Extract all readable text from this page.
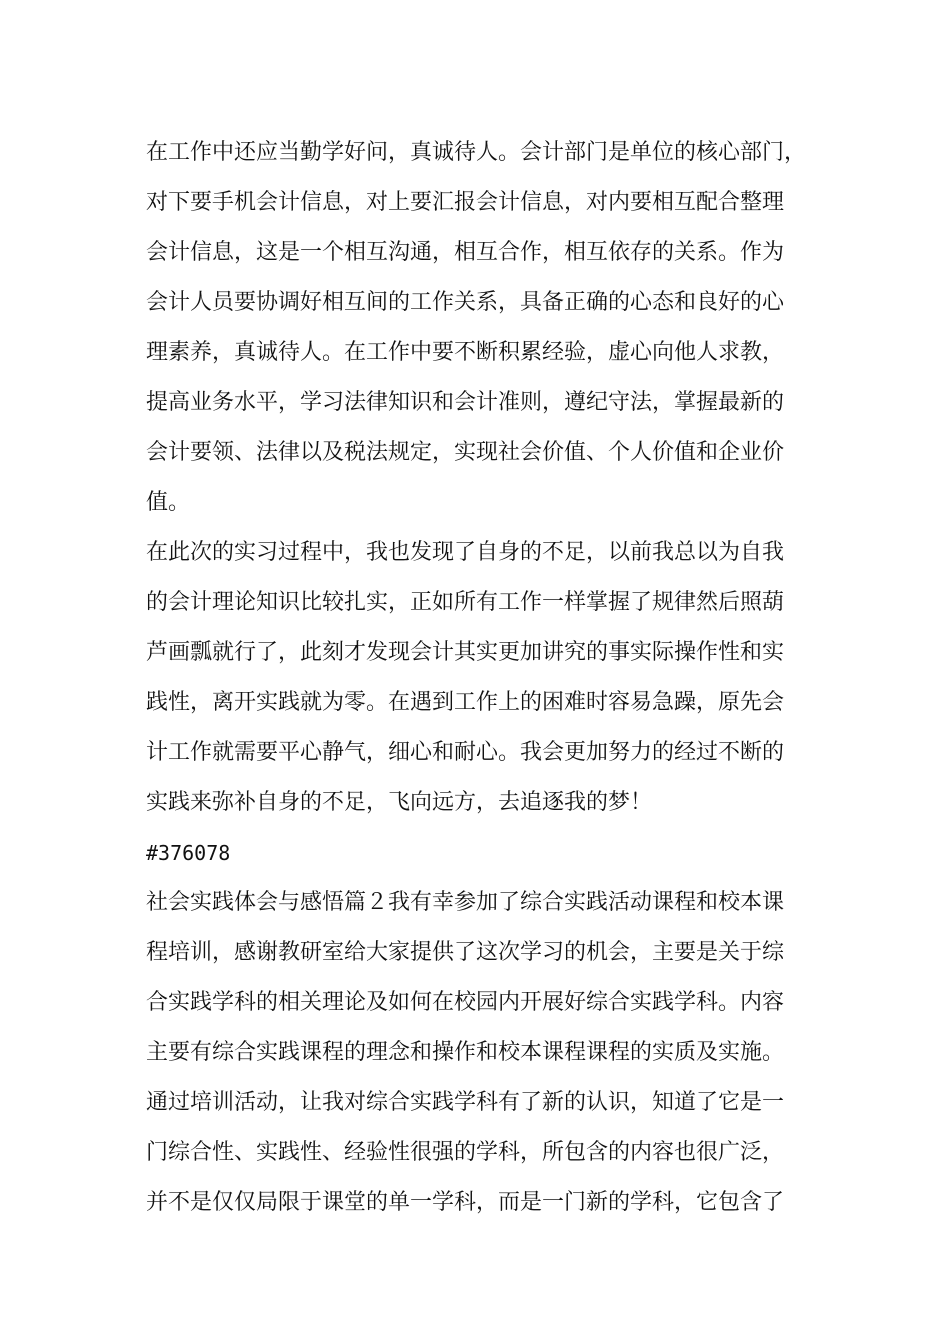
在工作中还应当勤学好问，真诚待人。会计部门是单位的核心部门，
对下要手机会计信息，对上要汇报会计信息，对内要相互配合整理
会计信息，这是一个相互沟通，相互合作，相互依存的关系。作为
会计人员要协调好相互间的工作关系，具备正确的心态和良好的心
理素养，真诚待人。在工作中要不断积累经验，虚心向他人求教，
提高业务水平，学习法律知识和会计准则，遵纪守法，掌握最新的
会计要领、法律以及税法规定，实现社会价值、个人价值和企业价
值。
在此次的实习过程中，我也发现了自身的不足，以前我总以为自我
的会计理论知识比较扎实，正如所有工作一样掌握了规律然后照葫
芦画瓢就行了，此刻才发现会计其实更加讲究的事实际操作性和实
践性，离开实践就为零。在遇到工作上的困难时容易急躁，原先会
计工作就需要平心静气，细心和耐心。我会更加努力的经过不断的
实践来弥补自身的不足，飞向远方，去追逐我的梦！
#376078
社会实践体会与感悟篇２我有幸参加了综合实践活动课程和校本课
程培训，感谢教研室给大家提供了这次学习的机会，主要是关于综
合实践学科的相关理论及如何在校园内开展好综合实践学科。内容
主要有综合实践课程的理念和操作和校本课程课程的实质及实施。
通过培训活动，让我对综合实践学科有了新的认识，知道了它是一
门综合性、实践性、经验性很强的学科，所包含的内容也很广泛，
并不是仅仅局限于课堂的单一学科，而是一门新的学科，它包含了
